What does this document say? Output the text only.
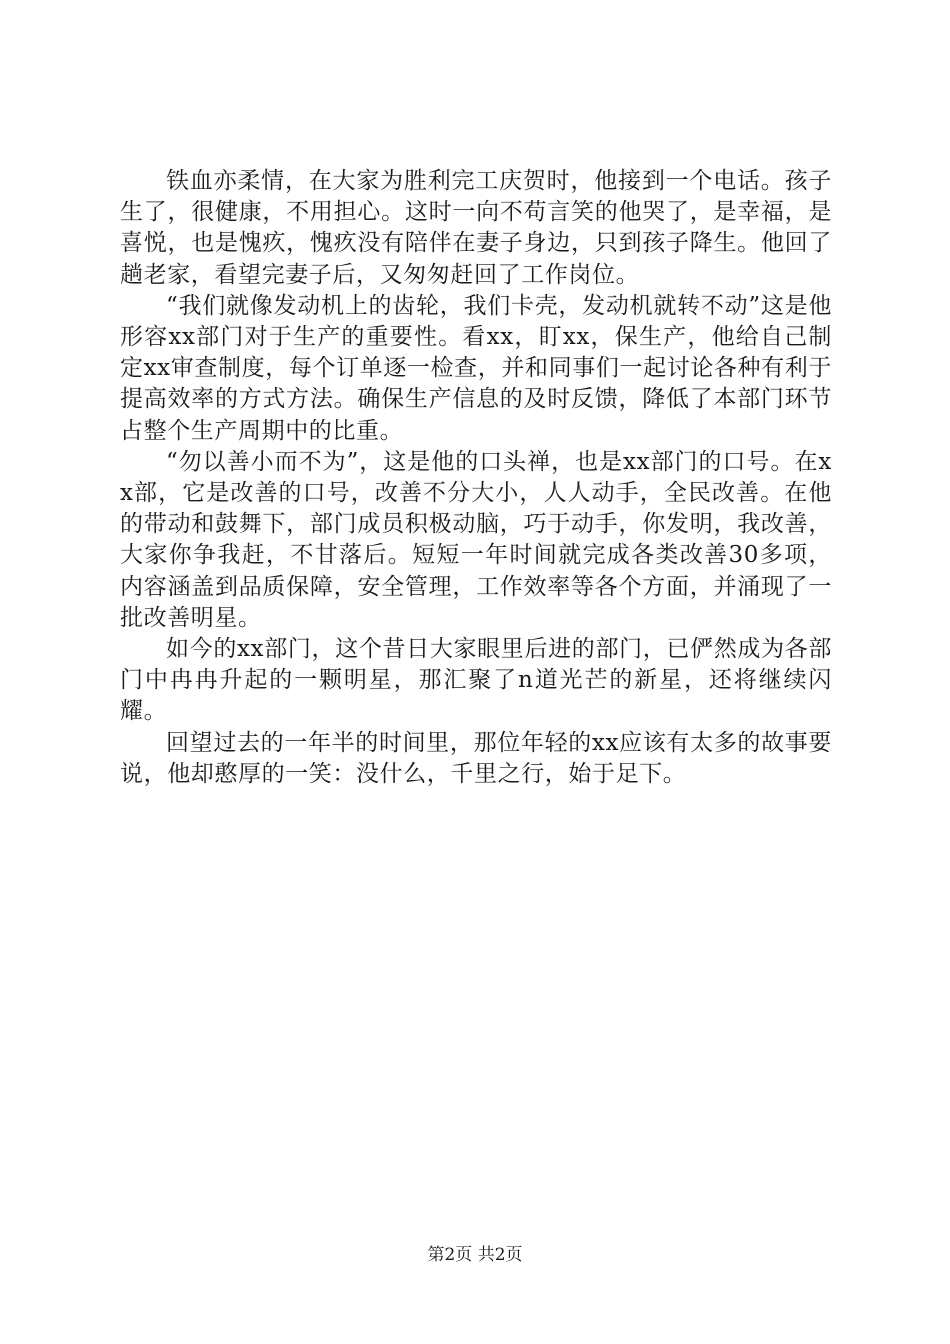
铁血亦柔情，在大家为胜利完工庆贺时，他接到一个电话。孩子生了，很健康，不用担心。这时一向不苟言笑的他哭了，是幸福，是喜悦，也是愧疚，愧疚没有陪伴在妻子身边，只到孩子降生。他回了趟老家，看望完妻子后，又匆匆赶回了工作岗位。

“我们就像发动机上的齿轮，我们卡壳，发动机就转不动”这是他形容xx部门对于生产的重要性。看xx，盯xx，保生产，他给自己制定xx审查制度，每个订单逐一检查，并和同事们一起讨论各种有利于提高效率的方式方法。确保生产信息的及时反馈，降低了本部门环节占整个生产周期中的比重。

“勿以善小而不为”，这是他的口头禅，也是xx部门的口号。在xx部，它是改善的口号，改善不分大小，人人动手，全民改善。在他的带动和鼓舞下，部门成员积极动脑，巧于动手，你发明，我改善，大家你争我赶，不甘落后。短短一年时间就完成各类改善30多项，内容涵盖到品质保障，安全管理，工作效率等各个方面，并涌现了一批改善明星。

如今的xx部门，这个昔日大家眼里后进的部门，已俨然成为各部门中冉冉升起的一颗明星，那汇聚了n道光芒的新星，还将继续闪耀。

回望过去的一年半的时间里，那位年轻的xx应该有太多的故事要说，他却憨厚的一笑：没什么，千里之行，始于足下。

第2页 共2页
